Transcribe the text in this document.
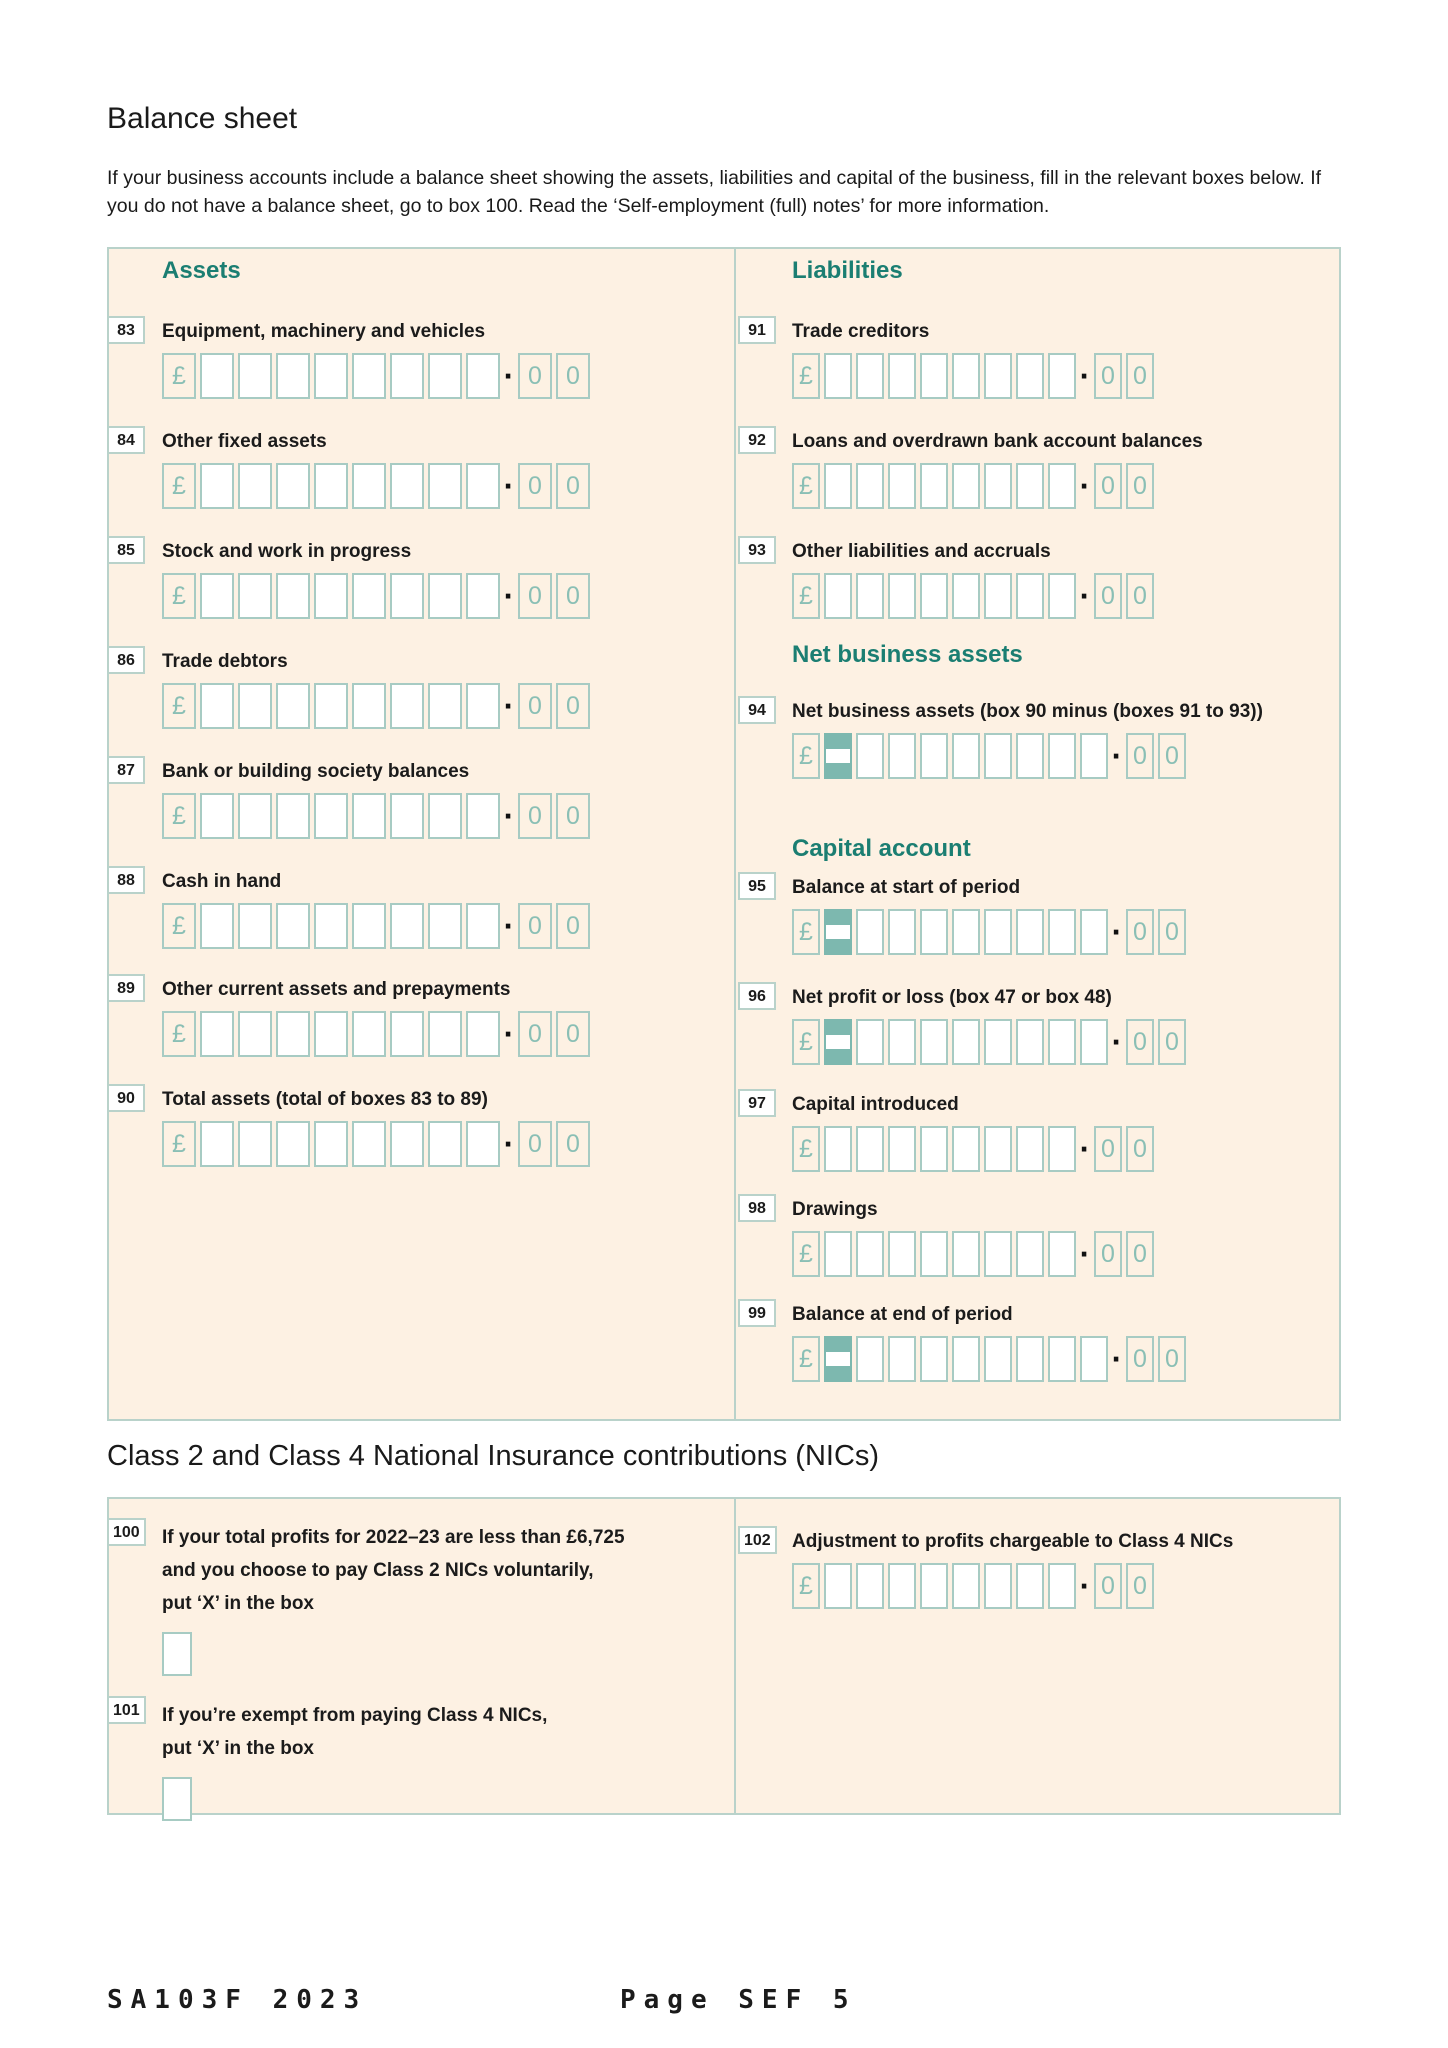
Balance sheet

If your business accounts include a balance sheet showing the assets, liabilities and capital of the business, fill in the relevant boxes below. If you do not have a balance sheet, go to box 100. Read the ‘Self-employment (full) notes’ for more information.

Assets
83	Equipment, machinery and vehicles
£	· 0 0
84	Other fixed assets
£	· 0 0
85	Stock and work in progress
£	· 0 0
86	Trade debtors
£	· 0 0
87	Bank or building society balances
£	· 0 0
88	Cash in hand
£	· 0 0
89	Other current assets and prepayments
£	· 0 0
90	Total assets (total of boxes 83 to 89)
£	· 0 0
Liabilities
91	Trade creditors
£	· 0 0
92	Loans and overdrawn bank account balances
£	· 0 0
93	Other liabilities and accruals
£	· 0 0
Net business assets
94	Net business assets (box 90 minus (boxes 91 to 93))
£	· 0 0
Capital account
95	Balance at start of period
£	· 0 0
96	Net profit or loss (box 47 or box 48)
£	· 0 0
97	Capital introduced
£	· 0 0
98	Drawings
£	· 0 0
99	Balance at end of period
£	· 0 0
Class 2 and Class 4 National Insurance contributions (NICs)
100	If your total profits for 2022–23 are less than £6,725
and you choose to pay Class 2 NICs voluntarily,
put ‘X’ in the box
101	If you’re exempt from paying Class 4 NICs,
put ‘X’ in the box
102	Adjustment to profits chargeable to Class 4 NICs
£	· 0 0
SA103F 2023	Page SEF 5
